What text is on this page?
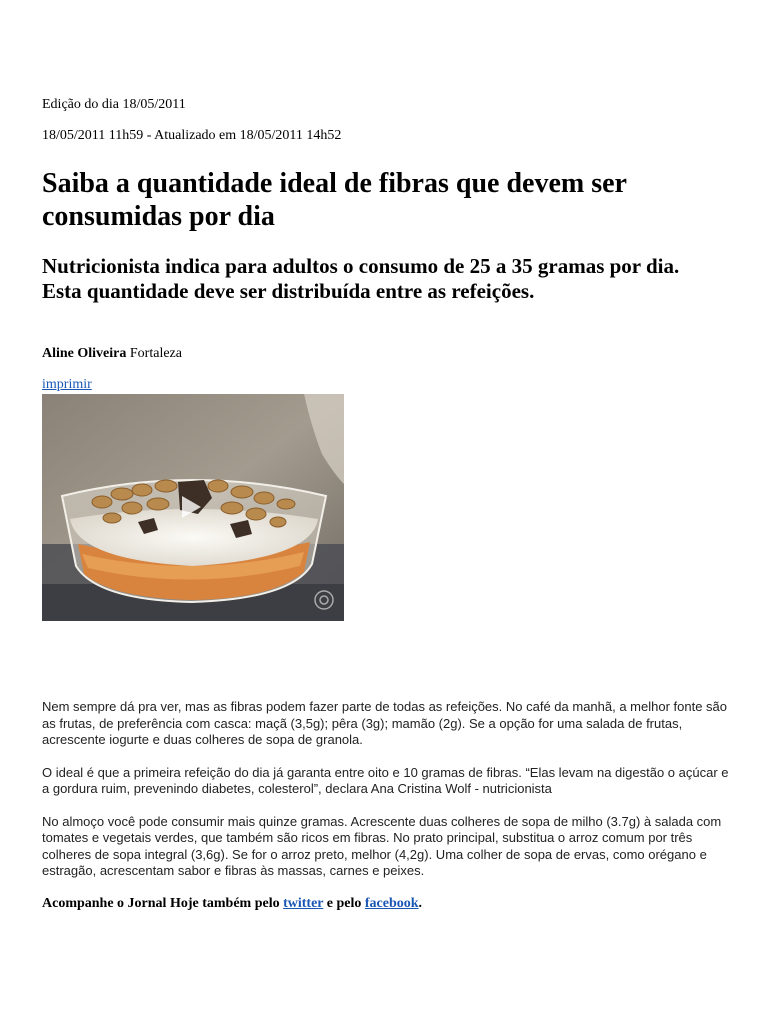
Edição do dia 18/05/2011
18/05/2011 11h59 - Atualizado em 18/05/2011 14h52
Saiba a quantidade ideal de fibras que devem ser consumidas por dia
Nutricionista indica para adultos o consumo de 25 a 35 gramas por dia.
Esta quantidade deve ser distribuída entre as refeições.
Aline Oliveira Fortaleza
imprimir

Nem sempre dá pra ver, mas as fibras podem fazer parte de todas as refeições. No café da manhã, a melhor fonte são as frutas, de preferência com casca: maçã (3,5g); pêra (3g); mamão (2g). Se a opção for uma salada de frutas, acrescente iogurte e duas colheres de sopa de granola.

O ideal é que a primeira refeição do dia já garanta entre oito e 10 gramas de fibras. “Elas levam na digestão o açúcar e a gordura ruim, prevenindo diabetes, colesterol”, declara Ana Cristina Wolf - nutricionista

No almoço você pode consumir mais quinze gramas. Acrescente duas colheres de sopa de milho (3.7g) à salada com tomates e vegetais verdes, que também são ricos em fibras. No prato principal, substitua o arroz comum por três colheres de sopa integral (3,6g). Se for o arroz preto, melhor (4,2g). Uma colher de sopa de ervas, como orégano e estragão, acrescentam sabor e fibras às massas, carnes e peixes.

Acompanhe o Jornal Hoje também pelo twitter e pelo facebook.
